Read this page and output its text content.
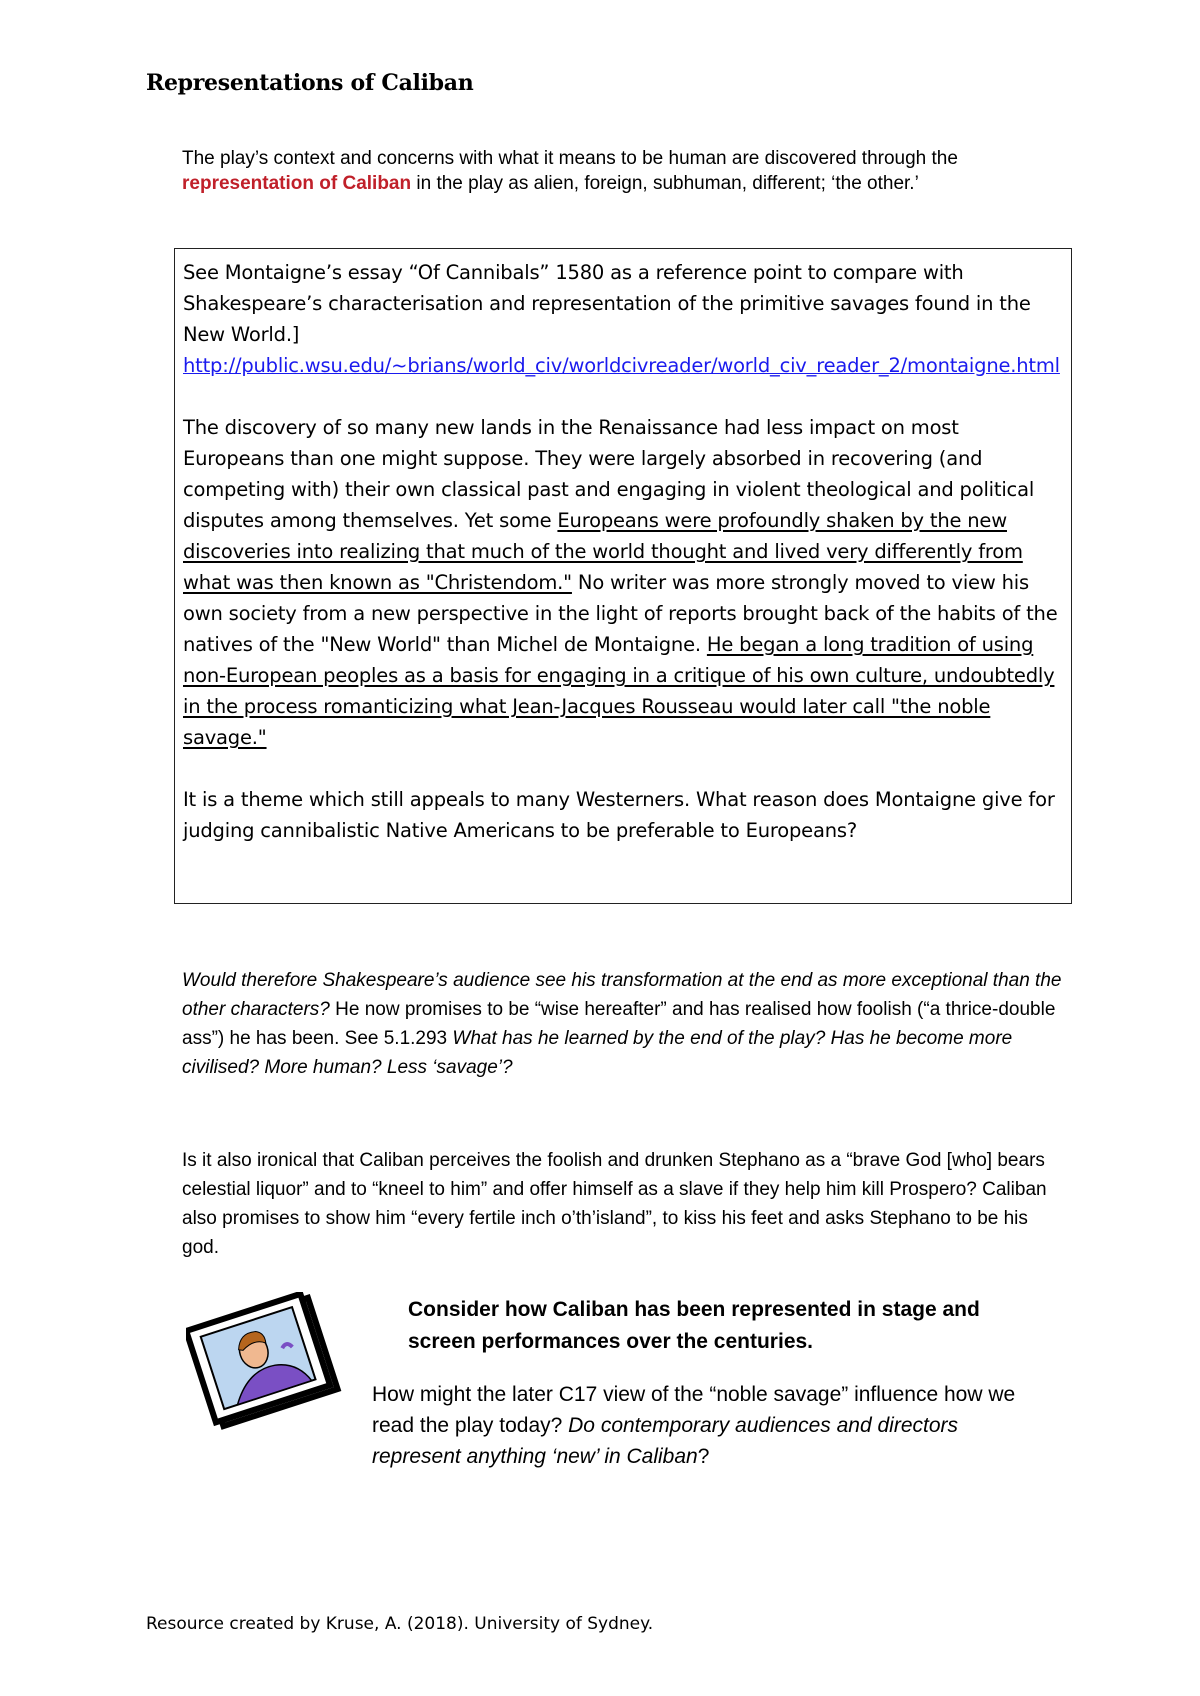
Representations of Caliban
The play’s context and concerns with what it means to be human are discovered through the representation of Caliban in the play as alien, foreign, subhuman, different; ‘the other.’

See Montaigne’s essay “Of Cannibals” 1580 as a reference point to compare with Shakespeare’s characterisation and representation of the primitive savages found in the New World.]
http://public.wsu.edu/~brians/world_civ/worldcivreader/world_civ_reader_2/montaigne.html

The discovery of so many new lands in the Renaissance had less impact on most Europeans than one might suppose. They were largely absorbed in recovering (and competing with) their own classical past and engaging in violent theological and political disputes among themselves. Yet some Europeans were profoundly shaken by the new discoveries into realizing that much of the world thought and lived very differently from what was then known as "Christendom." No writer was more strongly moved to view his own society from a new perspective in the light of reports brought back of the habits of the natives of the "New World" than Michel de Montaigne. He began a long tradition of using non-European peoples as a basis for engaging in a critique of his own culture, undoubtedly in the process romanticizing what Jean-Jacques Rousseau would later call "the noble savage."

It is a theme which still appeals to many Westerners. What reason does Montaigne give for judging cannibalistic Native Americans to be preferable to Europeans?

Would therefore Shakespeare’s audience see his transformation at the end as more exceptional than the other characters? He now promises to be “wise hereafter” and has realised how foolish (“a thrice-double ass”) he has been. See 5.1.293 What has he learned by the end of the play? Has he become more civilised? More human? Less ‘savage’?

Is it also ironical that Caliban perceives the foolish and drunken Stephano as a “brave God [who] bears celestial liquor” and to “kneel to him” and offer himself as a slave if they help him kill Prospero? Caliban also promises to show him “every fertile inch o’th’island”, to kiss his feet and asks Stephano to be his god.

Consider how Caliban has been represented in stage and screen performances over the centuries.
How might the later C17 view of the “noble savage” influence how we read the play today? Do contemporary audiences and directors represent anything ‘new’ in Caliban?
Resource created by Kruse, A. (2018). University of Sydney.
